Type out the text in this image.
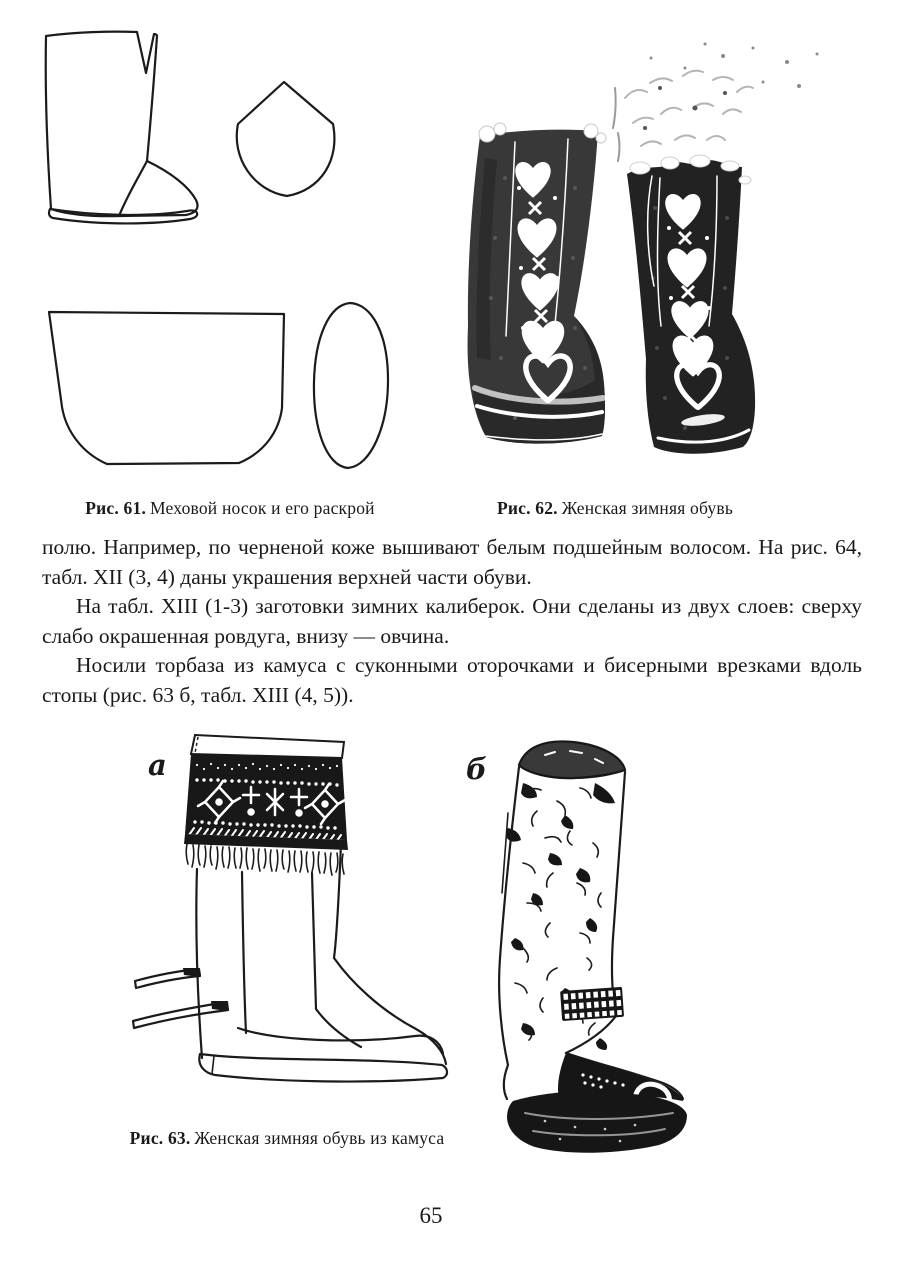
Рис. 61. Меховой носок и его раскрой	Рис. 62. Женская зимняя обувь

полю. Например, по черненой коже вышивают белым подшейным волосом. На рис. 64, табл. XII (3, 4) даны украшения верхней части обуви.

На табл. XIII (1-3) заготовки зимних калиберок. Они сделаны из двух слоев: сверху слабо окрашенная ровдуга, внизу — овчина.

Носили торбаза из камуса с суконными оторочками и бисерными врезками вдоль стопы (рис. 63 б, табл. XIII (4, 5)).

а	б
Рис. 63. Женская зимняя обувь из камуса
65
